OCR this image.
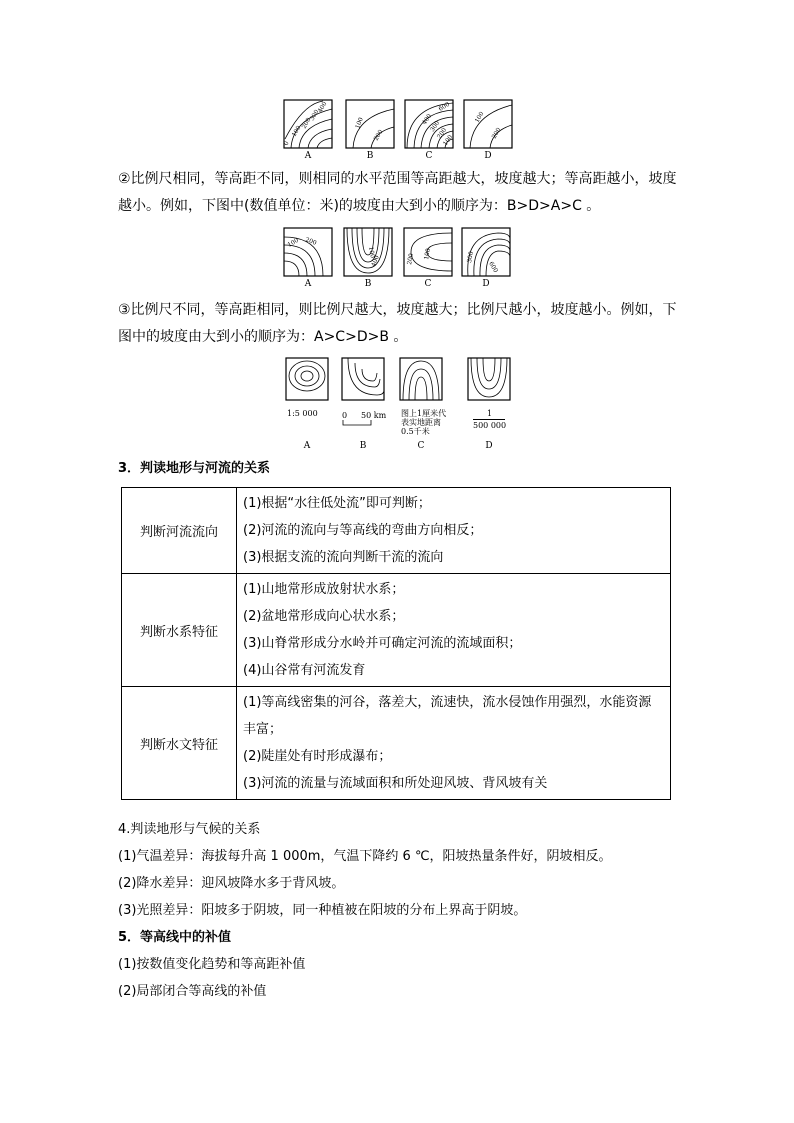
0
100
200
300
400
100
200
400
300
200
100
600
100
200
A	B	C	D
②比例尺相同，等高距不同，则相同的水平范围等高距越大，坡度越大；等高距越小，坡度越小。例如，下图中(数值单位：米)的坡度由大到小的顺序为：B>D>A>C 。
100 200
100
400
100
200	300
600
A	B	C	D
③比例尺不同，等高距相同，则比例尺越大，坡度越大；比例尺越小，坡度越小。例如，下图中的坡度由大到小的顺序为：A>C>D>B 。
1:5 000	0 50 km 图上1厘米代
表实地距离
0.5千米
1
500 000
A	B	C	D
3．判读地形与河流的关系
判断河流流向	(1)根据“水往低处流”即可判断；
(2)河流的流向与等高线的弯曲方向相反；
(3)根据支流的流向判断干流的流向

判断水系特征	(1)山地常形成放射状水系；
(2)盆地常形成向心状水系；
(3)山脊常形成分水岭并可确定河流的流域面积；
(4)山谷常有河流发育

判断水文特征	(1)等高线密集的河谷，落差大，流速快，流水侵蚀作用强烈，水能资源丰富；
(2)陡崖处有时形成瀑布；
(3)河流的流量与流域面积和所处迎风坡、背风坡有关
4.判读地形与气候的关系
(1)气温差异：海拔每升高 1 000m，气温下降约 6 ℃，阳坡热量条件好，阴坡相反。
(2)降水差异：迎风坡降水多于背风坡。
(3)光照差异：阳坡多于阴坡，同一种植被在阳坡的分布上界高于阴坡。
5．等高线中的补值
(1)按数值变化趋势和等高距补值
(2)局部闭合等高线的补值
